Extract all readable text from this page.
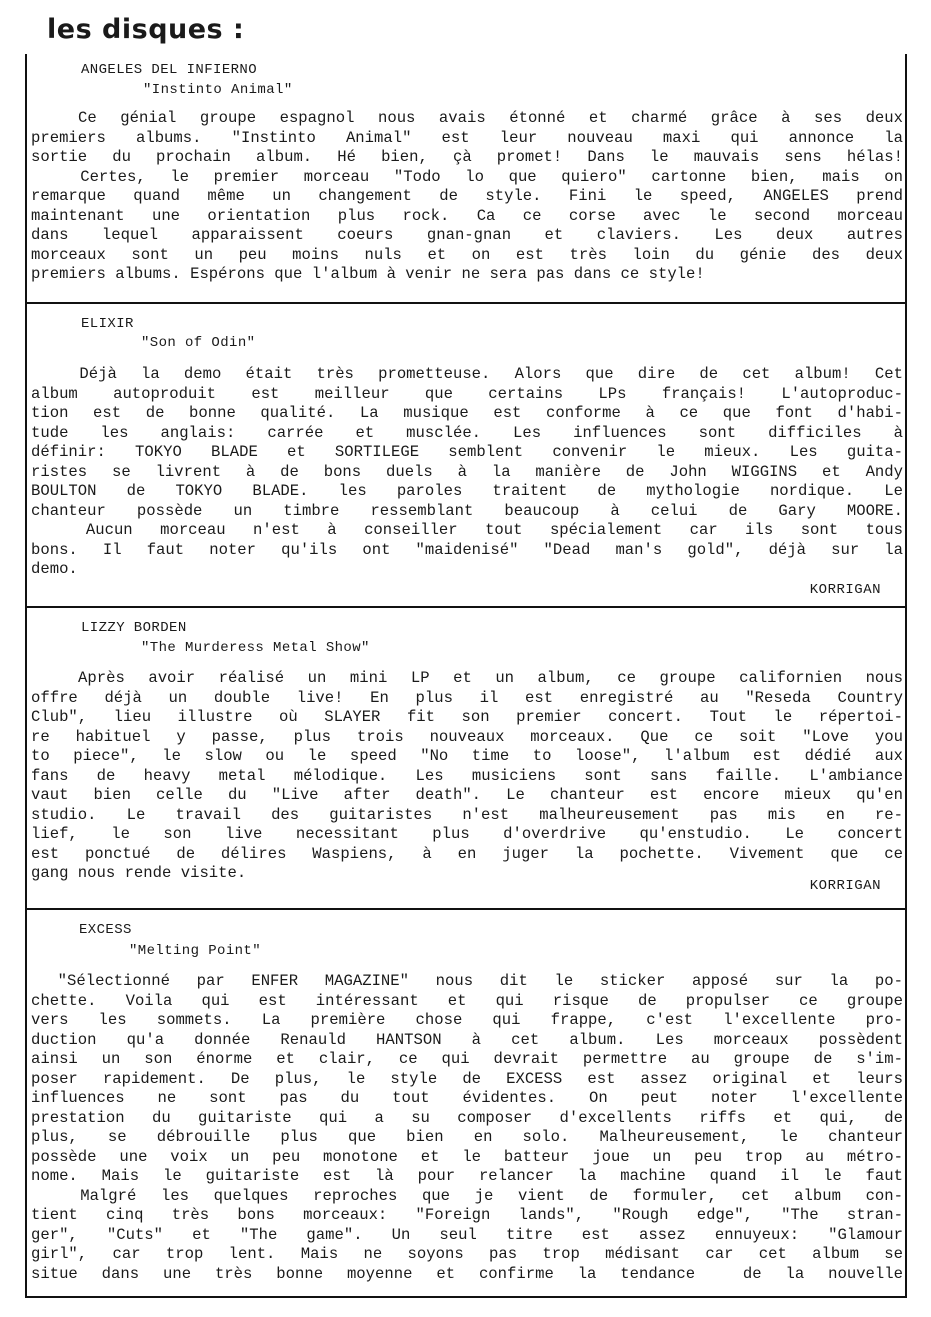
les disques :

ANGELES DEL INFIERNO

"Instinto Animal"

Ce génial groupe espagnol nous avais étonné et charmé grâce à ses deux
premiers albums. "Instinto Animal" est leur nouveau maxi qui annonce la
sortie du prochain album. Hé bien, çà promet! Dans le mauvais sens hélas!
Certes, le premier morceau "Todo lo que quiero" cartonne bien, mais on
remarque quand même un changement de style. Fini le speed, ANGELES prend
maintenant une orientation plus rock. Ca ce corse avec le second morceau
dans lequel apparaissent coeurs gnan-gnan et claviers. Les deux autres
morceaux sont un peu moins nuls et on est très loin du génie des deux
premiers albums. Espérons que l'album à venir ne sera pas dans ce style!

ELIXIR

"Son of Odin"

Déjà la demo était très prometteuse. Alors que dire de cet album! Cet
album autoproduit est meilleur que certains LPs français! L'autoproduc-
tion est de bonne qualité. La musique est conforme à ce que font d'habi-
tude les anglais: carrée et musclée. Les influences sont difficiles à
définir: TOKYO BLADE et SORTILEGE semblent convenir le mieux. Les guita-
ristes se livrent à de bons duels à la manière de John WIGGINS et Andy
BOULTON de TOKYO BLADE. les paroles traitent de mythologie nordique. Le
chanteur possède un timbre ressemblant beaucoup à celui de Gary MOORE.
Aucun morceau n'est à conseiller tout spécialement car ils sont tous
bons. Il faut noter qu'ils ont "maidenisé" "Dead man's gold", déjà sur la
demo.

KORRIGAN

LIZZY BORDEN

"The Murderess Metal Show"

Après avoir réalisé un mini LP et un album, ce groupe californien nous
offre déjà un double live! En plus il est enregistré au "Reseda Country
Club", lieu illustre où SLAYER fit son premier concert. Tout le répertoi-
re habituel y passe, plus trois nouveaux morceaux. Que ce soit "Love you
to piece", le slow ou le speed "No time to loose", l'album est dédié aux
fans de heavy metal mélodique. Les musiciens sont sans faille. L'ambiance
vaut bien celle du "Live after death". Le chanteur est encore mieux qu'en
studio. Le travail des guitaristes n'est malheureusement pas mis en re-
lief, le son live necessitant plus d'overdrive qu'enstudio. Le concert
est ponctué de délires Waspiens, à en juger la pochette. Vivement que ce
gang nous rende visite.

KORRIGAN

EXCESS

"Melting Point"

"Sélectionné par ENFER MAGAZINE" nous dit le sticker apposé sur la po-
chette. Voila qui est intéressant et qui risque de propulser ce groupe
vers les sommets. La première chose qui frappe, c'est l'excellente pro-
duction qu'a donnée Renauld HANTSON à cet album. Les morceaux possèdent
ainsi un son énorme et clair, ce qui devrait permettre au groupe de s'im-
poser rapidement. De plus, le style de EXCESS est assez original et leurs
influences ne sont pas du tout évidentes. On peut noter l'excellente
prestation du guitariste qui a su composer d'excellents riffs et qui, de
plus, se débrouille plus que bien en solo. Malheureusement, le chanteur
possède une voix un peu monotone et le batteur joue un peu trop au métro-
nome. Mais le guitariste est là pour relancer la machine quand il le faut
Malgré les quelques reproches que je vient de formuler, cet album con-
tient cinq très bons morceaux: "Foreign lands", "Rough edge", "The stran-
ger", "Cuts" et "The game". Un seul titre est assez ennuyeux: "Glamour
girl", car trop lent. Mais ne soyons pas trop médisant car cet album se
situe dans une très bonne moyenne et confirme la tendance  de la nouvelle
